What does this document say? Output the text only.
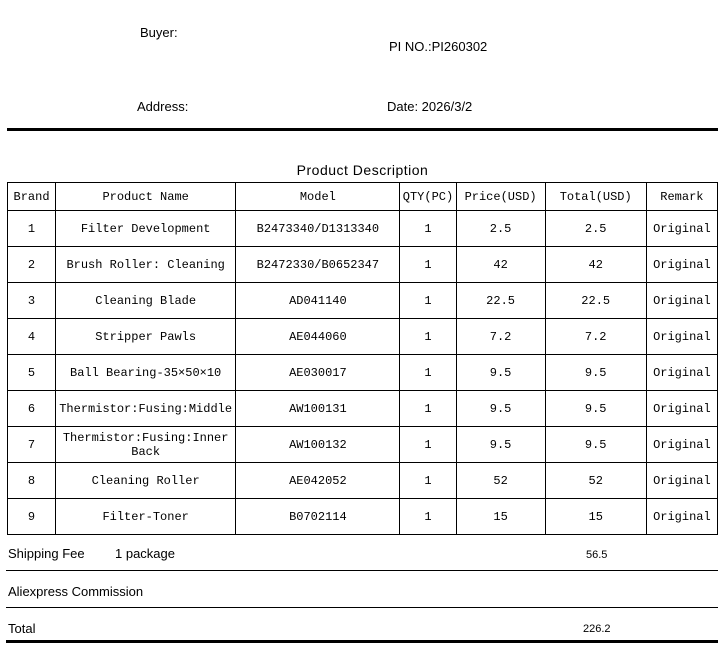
Buyer:
PI NO.:PI260302
Address:	Date: 2026/3/2
Product Description						
Brand	Product Name	Model	QTY(PC)	Price(USD)	Total(USD)	Remark
1	Filter Development	B2473340/D1313340	1	2.5	2.5	Original
2	Brush Roller: Cleaning	B2472330/B0652347	1	42	42	Original
3	Cleaning Blade	AD041140	1	22.5	22.5	Original
4	Stripper Pawls	AE044060	1	7.2	7.2	Original
5	Ball Bearing-35×50×10	AE030017	1	9.5	9.5	Original
6	Thermistor:Fusing:Middle	AW100131	1	9.5	9.5	Original
7	Thermistor:Fusing:Inner Back	AW100132	1	9.5	9.5	Original
8	Cleaning Roller	AE042052	1	52	52	Original
9	Filter-Toner	B0702114	1	15	15	Original
Shipping Fee 1 package	56.5
Aliexpress Commission
Total	226.2
